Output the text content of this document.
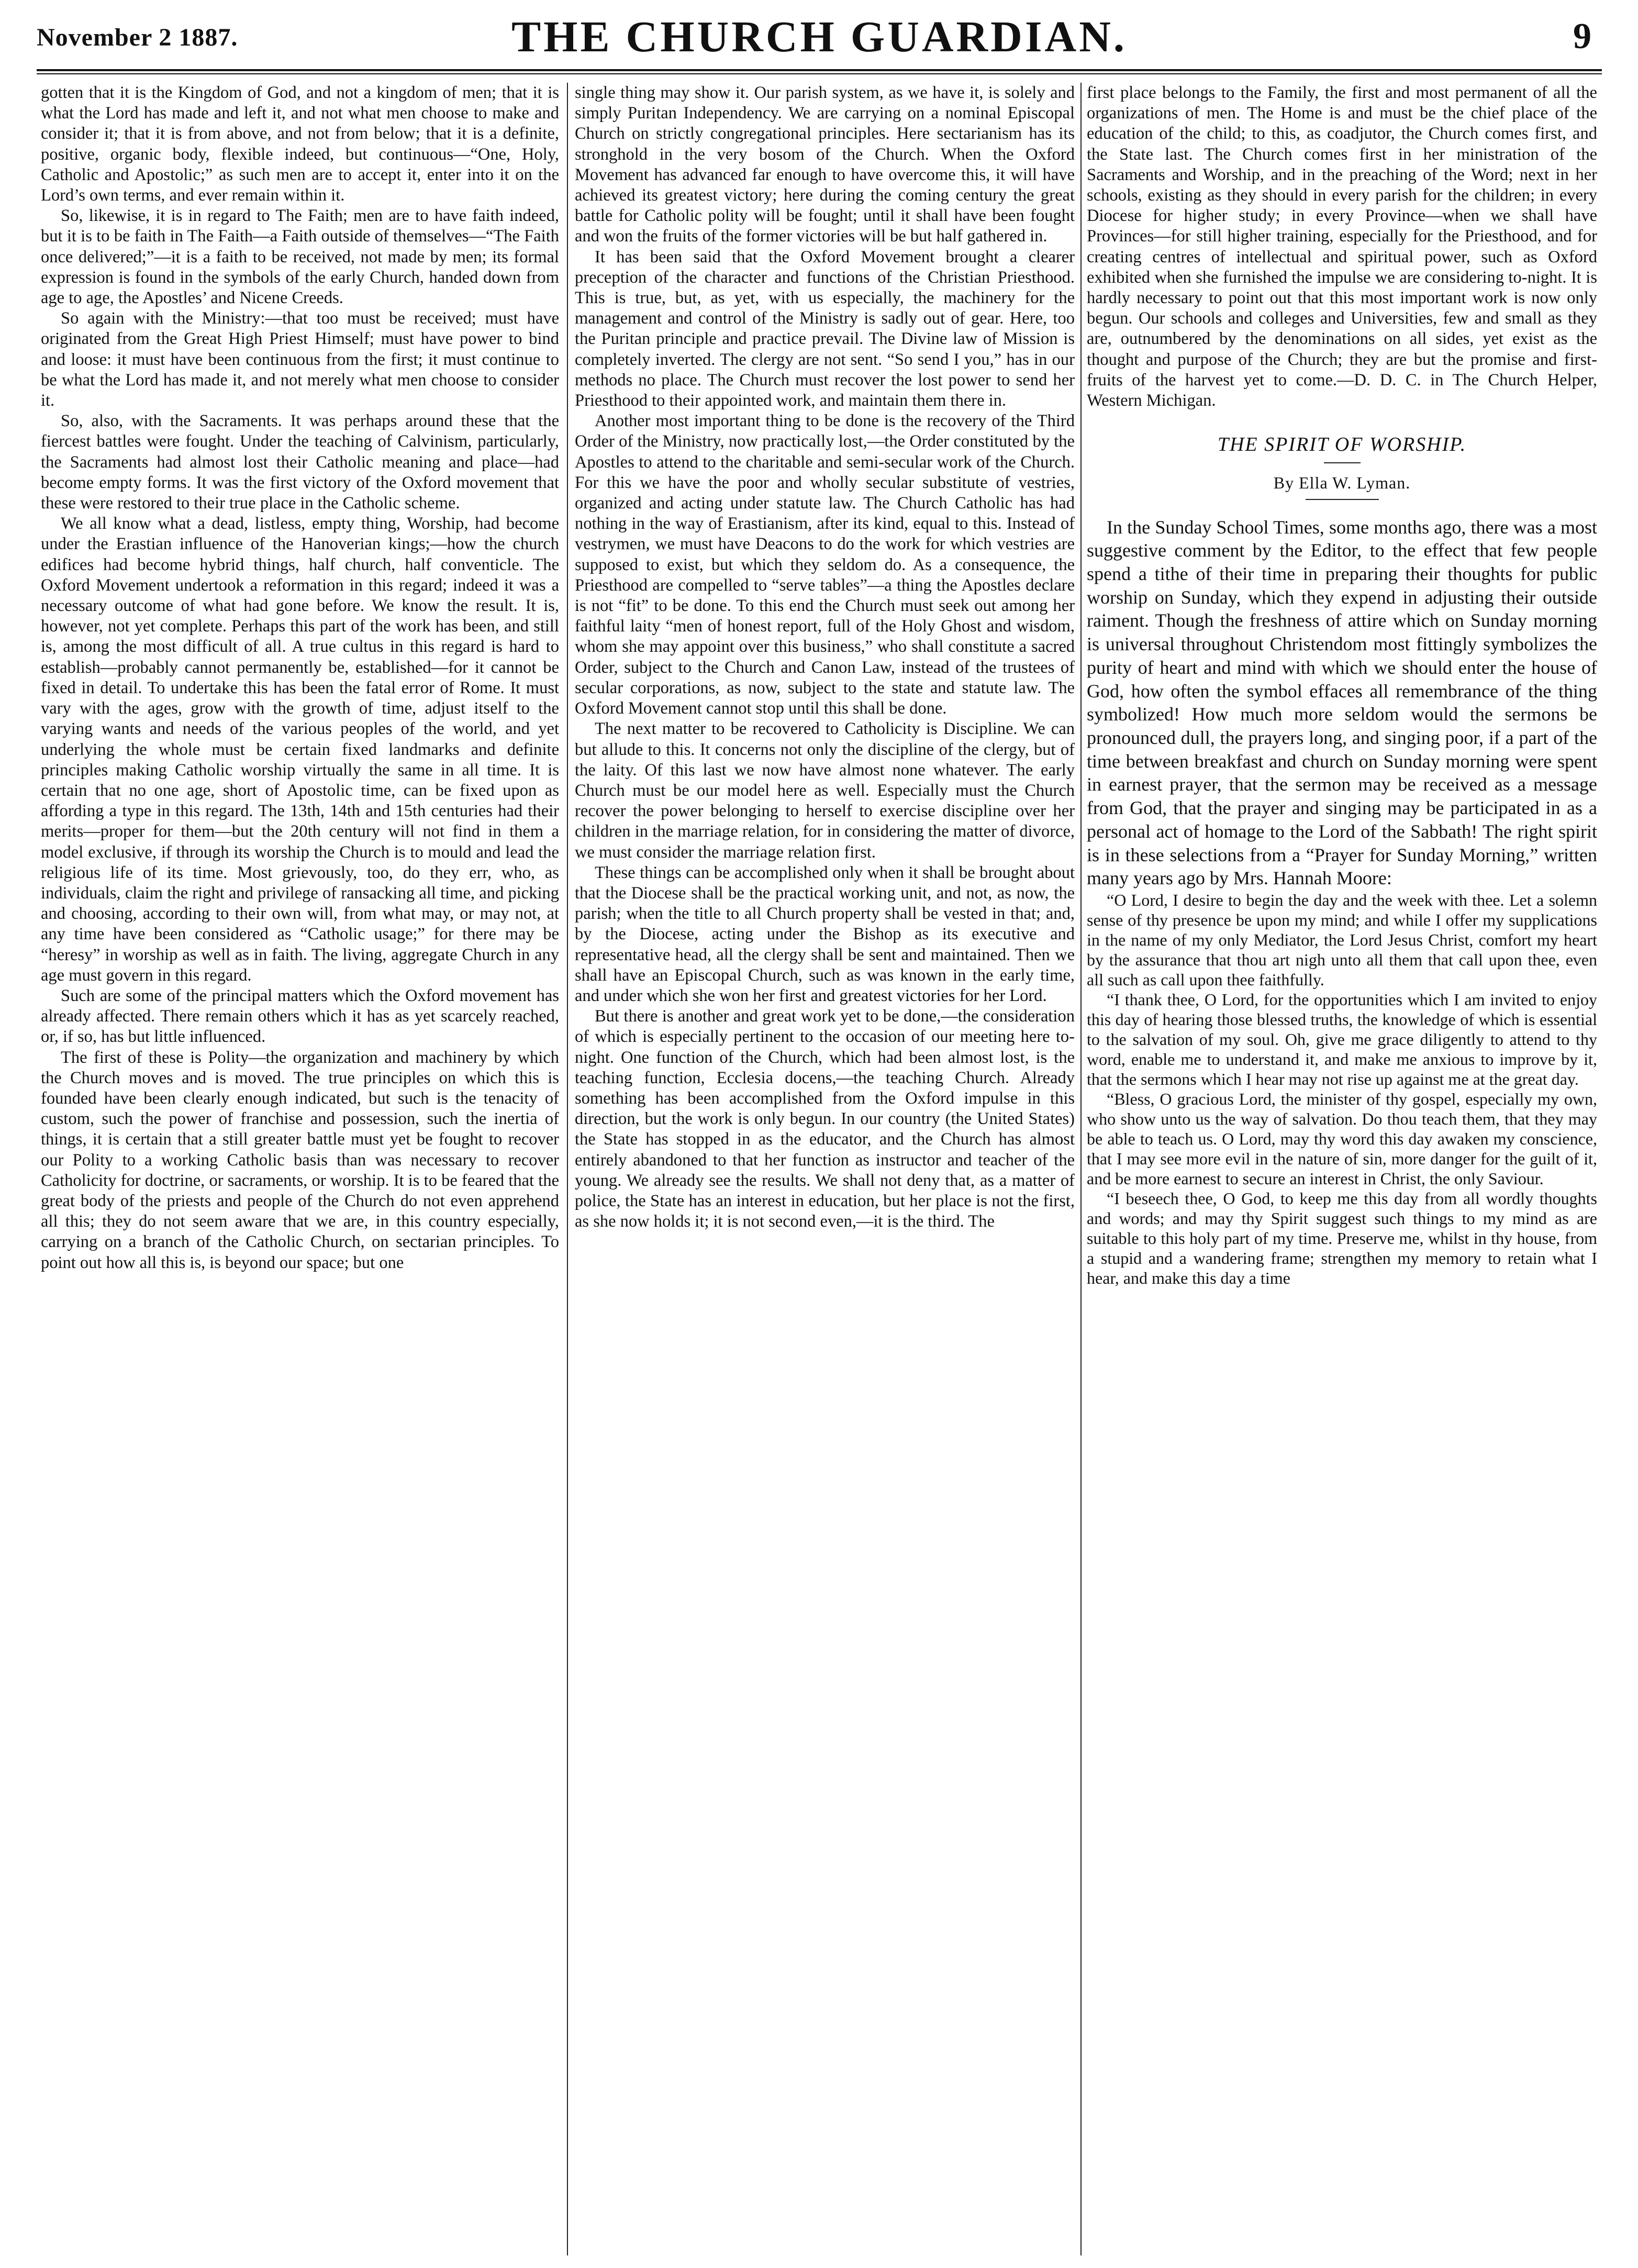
November 2 1887.	THE CHURCH GUARDIAN.	9

gotten that it is the Kingdom of God, and not a kingdom of men; that it is what the Lord has made and left it, and not what men choose to make and consider it; that it is from above, and not from below; that it is a definite, positive, organic body, flexible indeed, but continuous—“One, Holy, Catholic and Apostolic;” as such men are to accept it, enter into it on the Lord’s own terms, and ever remain within it.

So, likewise, it is in regard to The Faith; men are to have faith indeed, but it is to be faith in The Faith—a Faith outside of themselves—“The Faith once delivered;”—it is a faith to be received, not made by men; its formal expression is found in the symbols of the early Church, handed down from age to age, the Apostles’ and Nicene Creeds.

So again with the Ministry:—that too must be received; must have originated from the Great High Priest Himself; must have power to bind and loose: it must have been continuous from the first; it must continue to be what the Lord has made it, and not merely what men choose to consider it.

So, also, with the Sacraments. It was perhaps around these that the fiercest battles were fought. Under the teaching of Calvinism, particularly, the Sacraments had almost lost their Catholic meaning and place—had become empty forms. It was the first victory of the Oxford movement that these were restored to their true place in the Catholic scheme.

We all know what a dead, listless, empty thing, Worship, had become under the Erastian influence of the Hanoverian kings;—how the church edifices had become hybrid things, half church, half conventicle. The Oxford Movement undertook a reformation in this regard; indeed it was a necessary outcome of what had gone before. We know the result. It is, however, not yet complete. Perhaps this part of the work has been, and still is, among the most difficult of all. A true cultus in this regard is hard to establish—probably cannot permanently be, established—for it cannot be fixed in detail. To undertake this has been the fatal error of Rome. It must vary with the ages, grow with the growth of time, adjust itself to the varying wants and needs of the various peoples of the world, and yet underlying the whole must be certain fixed landmarks and definite principles making Catholic worship virtually the same in all time. It is certain that no one age, short of Apostolic time, can be fixed upon as affording a type in this regard. The 13th, 14th and 15th centuries had their merits—proper for them—but the 20th century will not find in them a model exclusive, if through its worship the Church is to mould and lead the religious life of its time. Most grievously, too, do they err, who, as individuals, claim the right and privilege of ransacking all time, and picking and choosing, according to their own will, from what may, or may not, at any time have been considered as “Catholic usage;” for there may be “heresy” in worship as well as in faith. The living, aggregate Church in any age must govern in this regard.

Such are some of the principal matters which the Oxford movement has already affected. There remain others which it has as yet scarcely reached, or, if so, has but little influenced.

The first of these is Polity—the organization and machinery by which the Church moves and is moved. The true principles on which this is founded have been clearly enough indicated, but such is the tenacity of custom, such the power of franchise and possession, such the inertia of things, it is certain that a still greater battle must yet be fought to recover our Polity to a working Catholic basis than was necessary to recover Catholicity for doctrine, or sacraments, or worship. It is to be feared that the great body of the priests and people of the Church do not even apprehend all this; they do not seem aware that we are, in this country especially, carrying on a branch of the Catholic Church, on sectarian principles. To point out how all this is, is beyond our space; but one

single thing may show it. Our parish system, as we have it, is solely and simply Puritan Independency. We are carrying on a nominal Episcopal Church on strictly congregational principles. Here sectarianism has its stronghold in the very bosom of the Church. When the Oxford Movement has advanced far enough to have overcome this, it will have achieved its greatest victory; here during the coming century the great battle for Catholic polity will be fought; until it shall have been fought and won the fruits of the former victories will be but half gathered in.

It has been said that the Oxford Movement brought a clearer preception of the character and functions of the Christian Priesthood. This is true, but, as yet, with us especially, the machinery for the management and control of the Ministry is sadly out of gear. Here, too the Puritan principle and practice prevail. The Divine law of Mission is completely inverted. The clergy are not sent. “So send I you,” has in our methods no place. The Church must recover the lost power to send her Priesthood to their appointed work, and maintain them there in.

Another most important thing to be done is the recovery of the Third Order of the Ministry, now practically lost,—the Order constituted by the Apostles to attend to the charitable and semi-secular work of the Church. For this we have the poor and wholly secular substitute of vestries, organized and acting under statute law. The Church Catholic has had nothing in the way of Erastianism, after its kind, equal to this. Instead of vestrymen, we must have Deacons to do the work for which vestries are supposed to exist, but which they seldom do. As a consequence, the Priesthood are compelled to “serve tables”—a thing the Apostles declare is not “fit” to be done. To this end the Church must seek out among her faithful laity “men of honest report, full of the Holy Ghost and wisdom, whom she may appoint over this business,” who shall constitute a sacred Order, subject to the Church and Canon Law, instead of the trustees of secular corporations, as now, subject to the state and statute law. The Oxford Movement cannot stop until this shall be done.

The next matter to be recovered to Catholicity is Discipline. We can but allude to this. It concerns not only the discipline of the clergy, but of the laity. Of this last we now have almost none whatever. The early Church must be our model here as well. Especially must the Church recover the power belonging to herself to exercise discipline over her children in the marriage relation, for in considering the matter of divorce, we must consider the marriage relation first.

These things can be accomplished only when it shall be brought about that the Diocese shall be the practical working unit, and not, as now, the parish; when the title to all Church property shall be vested in that; and, by the Diocese, acting under the Bishop as its executive and representative head, all the clergy shall be sent and maintained. Then we shall have an Episcopal Church, such as was known in the early time, and under which she won her first and greatest victories for her Lord.

But there is another and great work yet to be done,—the consideration of which is especially pertinent to the occasion of our meeting here to-night. One function of the Church, which had been almost lost, is the teaching function, Ecclesia docens,—the teaching Church. Already something has been accomplished from the Oxford impulse in this direction, but the work is only begun. In our country (the United States) the State has stopped in as the educator, and the Church has almost entirely abandoned to that her function as instructor and teacher of the young. We already see the results. We shall not deny that, as a matter of police, the State has an interest in education, but her place is not the first, as she now holds it; it is not second even,—it is the third. The

first place belongs to the Family, the first and most permanent of all the organizations of men. The Home is and must be the chief place of the education of the child; to this, as coadjutor, the Church comes first, and the State last. The Church comes first in her ministration of the Sacraments and Worship, and in the preaching of the Word; next in her schools, existing as they should in every parish for the children; in every Diocese for higher study; in every Province—when we shall have Provinces—for still higher training, especially for the Priesthood, and for creating centres of intellectual and spiritual power, such as Oxford exhibited when she furnished the impulse we are considering to-night. It is hardly necessary to point out that this most important work is now only begun. Our schools and colleges and Universities, few and small as they are, outnumbered by the denominations on all sides, yet exist as the thought and purpose of the Church; they are but the promise and first-fruits of the harvest yet to come.—D. D. C. in The Church Helper, Western Michigan.

THE SPIRIT OF WORSHIP.

By Ella W. Lyman.

In the Sunday School Times, some months ago, there was a most suggestive comment by the Editor, to the effect that few people spend a tithe of their time in preparing their thoughts for public worship on Sunday, which they expend in adjusting their outside raiment. Though the freshness of attire which on Sunday morning is universal throughout Christendom most fittingly symbolizes the purity of heart and mind with which we should enter the house of God, how often the symbol effaces all remembrance of the thing symbolized! How much more seldom would the sermons be pronounced dull, the prayers long, and singing poor, if a part of the time between breakfast and church on Sunday morning were spent in earnest prayer, that the sermon may be received as a message from God, that the prayer and singing may be participated in as a personal act of homage to the Lord of the Sabbath! The right spirit is in these selections from a “Prayer for Sunday Morning,” written many years ago by Mrs. Hannah Moore:

“O Lord, I desire to begin the day and the week with thee. Let a solemn sense of thy presence be upon my mind; and while I offer my supplications in the name of my only Mediator, the Lord Jesus Christ, comfort my heart by the assurance that thou art nigh unto all them that call upon thee, even all such as call upon thee faithfully.

“I thank thee, O Lord, for the opportunities which I am invited to enjoy this day of hearing those blessed truths, the knowledge of which is essential to the salvation of my soul. Oh, give me grace diligently to attend to thy word, enable me to understand it, and make me anxious to improve by it, that the sermons which I hear may not rise up against me at the great day.

“Bless, O gracious Lord, the minister of thy gospel, especially my own, who show unto us the way of salvation. Do thou teach them, that they may be able to teach us. O Lord, may thy word this day awaken my conscience, that I may see more evil in the nature of sin, more danger for the guilt of it, and be more earnest to secure an interest in Christ, the only Saviour.

“I beseech thee, O God, to keep me this day from all wordly thoughts and words; and may thy Spirit suggest such things to my mind as are suitable to this holy part of my time. Preserve me, whilst in thy house, from a stupid and a wandering frame; strengthen my memory to retain what I hear, and make this day a time
